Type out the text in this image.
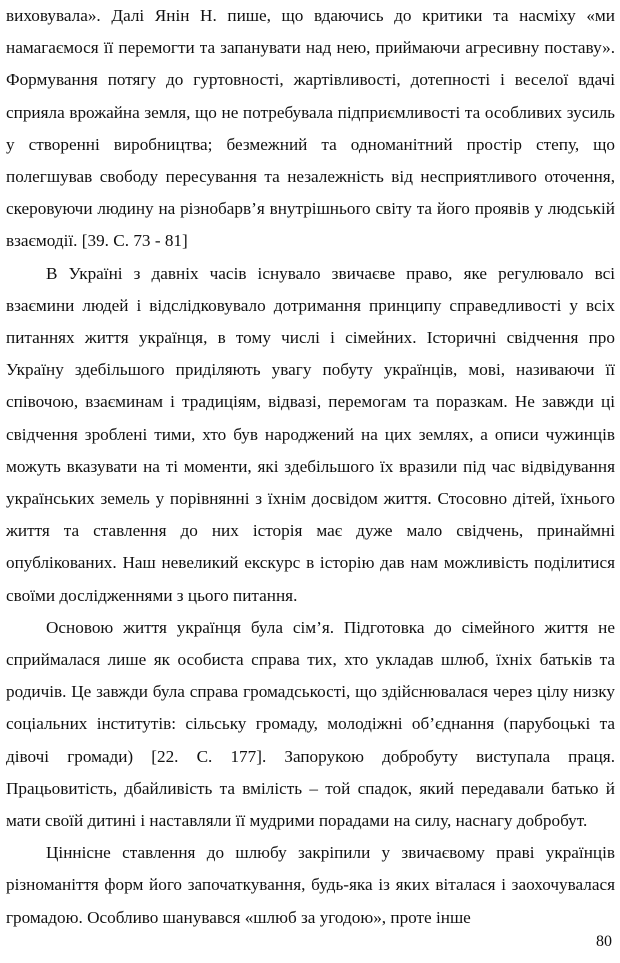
виховувала». Далі Янін Н. пише, що вдаючись до критики та насміху «ми намагаємося її перемогти та запанувати над нею, приймаючи агресивну поставу». Формування потягу до гуртовності, жартівливості, дотепності і веселої вдачі сприяла врожайна земля, що не потребувала підприємливості та особливих зусиль у створенні виробництва; безмежний та одноманітний простір степу, що полегшував свободу пересування та незалежність від несприятливого оточення, скеровуючи людину на різнобарв’я внутрішнього світу та його проявів у людській взаємодії. [39. С. 73 - 81]

В Україні з давніх часів існувало звичаєве право, яке регулювало всі взаємини людей і відслідковувало дотримання принципу справедливості у всіх питаннях життя українця, в тому числі і сімейних. Історичні свідчення про Україну здебільшого приділяють увагу побуту українців, мові, називаючи її співочою, взаєминам і традиціям, відвазі, перемогам та поразкам. Не завжди ці свідчення зроблені тими, хто був народжений на цих землях, а описи чужинців можуть вказувати на ті моменти, які здебільшого їх вразили під час відвідування українських земель у порівнянні з їхнім досвідом життя. Стосовно дітей, їхнього життя та ставлення до них історія має дуже мало свідчень, принаймні опублікованих. Наш невеликий екскурс в історію дав нам можливість поділитися своїми дослідженнями з цього питання.

Основою життя українця була сім’я. Підготовка до сімейного життя не сприймалася лише як особиста справа тих, хто укладав шлюб, їхніх батьків та родичів. Це завжди була справа громадськості, що здійснювалася через цілу низку соціальних інститутів: сільську громаду, молодіжні об’єднання (парубоцькі та дівочі громади) [22. С. 177]. Запорукою добробуту виступала праця. Працьовитість, дбайливість та вмілість – той спадок, який передавали батько й мати своїй дитині і наставляли її мудрими порадами на силу, наснагу добробут.

Ціннісне ставлення до шлюбу закріпили у звичаєвому праві українців різноманіття форм його започаткування, будь-яка із яких віталася і заохочувалася громадою. Особливо шанувався «шлюб за угодою», проте інше

80
